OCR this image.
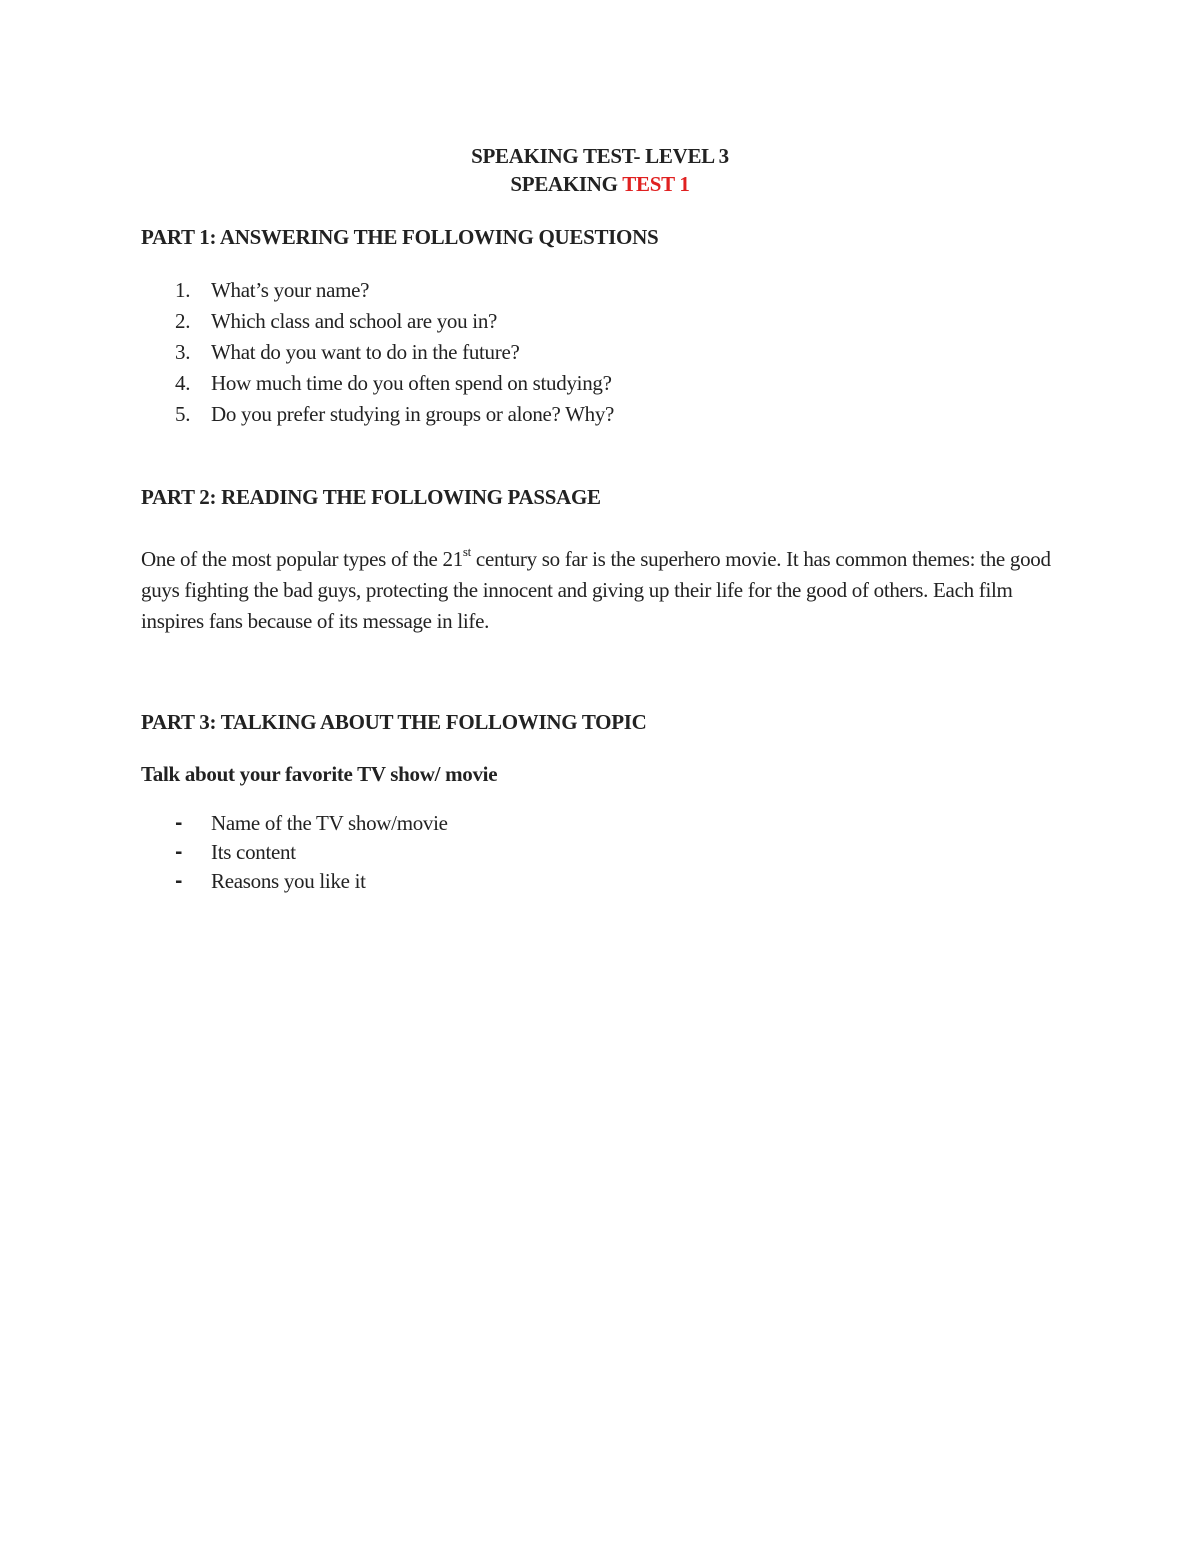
SPEAKING TEST- LEVEL 3
SPEAKING TEST 1
PART 1: ANSWERING THE FOLLOWING QUESTIONS
1. What’s your name?
2. Which class and school are you in?
3. What do you want to do in the future?
4. How much time do you often spend on studying?
5. Do you prefer studying in groups or alone? Why?
PART 2: READING THE FOLLOWING PASSAGE
One of the most popular types of the 21st century so far is the superhero movie. It has common themes: the good guys fighting the bad guys, protecting the innocent and giving up their life for the good of others. Each film inspires fans because of its message in life.
PART 3: TALKING ABOUT THE FOLLOWING TOPIC
Talk about your favorite TV show/ movie
-	Name of the TV show/movie
-	Its content
-	Reasons you like it
